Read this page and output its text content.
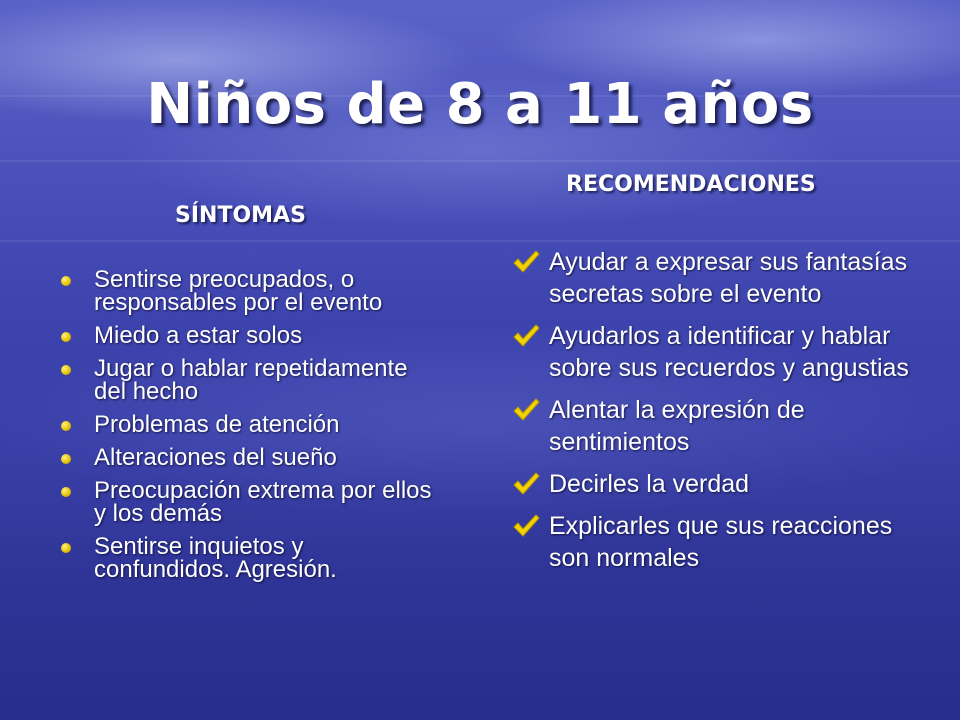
Niños de 8 a 11 años
SÍNTOMAS
RECOMENDACIONES
Sentirse preocupados, o responsables por el evento
Miedo a estar solos
Jugar o hablar repetidamente del hecho
Problemas de atención
Alteraciones del sueño
Preocupación extrema por ellos y los demás
Sentirse inquietos y confundidos. Agresión.
Ayudar a expresar sus fantasías secretas sobre el evento
Ayudarlos a identificar y hablar sobre sus recuerdos y angustias
Alentar la expresión de sentimientos
Decirles la verdad
Explicarles que sus reacciones son normales
